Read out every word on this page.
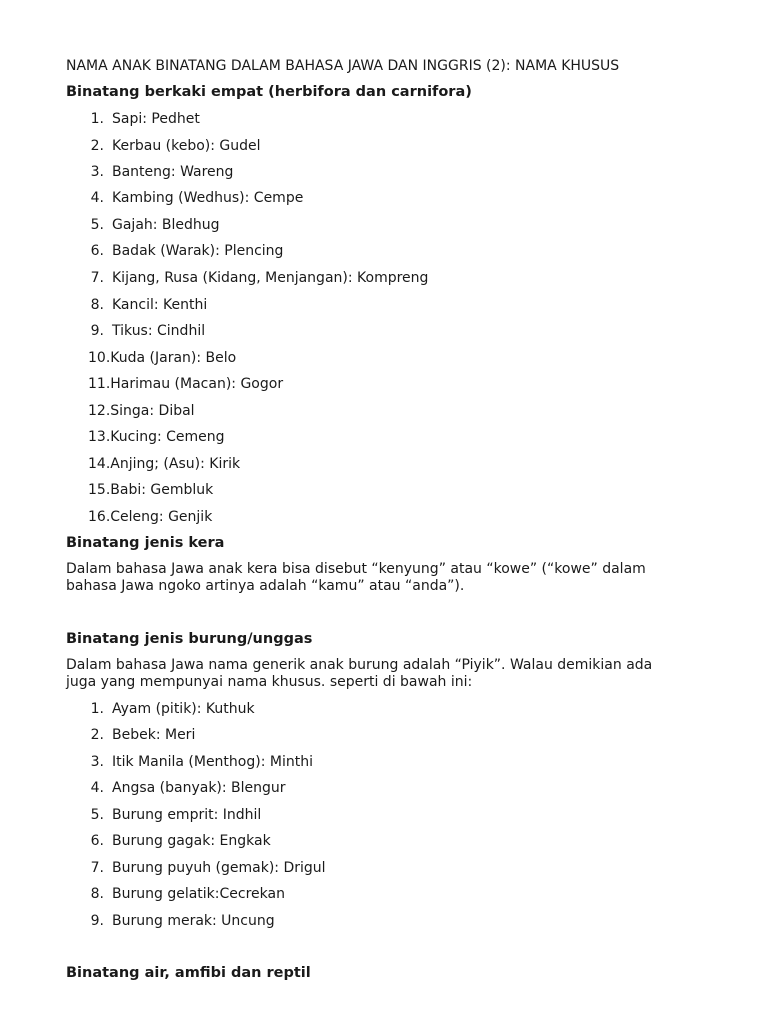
NAMA ANAK BINATANG DALAM BAHASA JAWA DAN INGGRIS (2): NAMA KHUSUS
Binatang berkaki empat (herbifora dan carnifora)
1. Sapi: Pedhet
2. Kerbau (kebo): Gudel
3. Banteng: Wareng
4. Kambing (Wedhus): Cempe
5. Gajah: Bledhug
6. Badak (Warak): Plencing
7. Kijang, Rusa (Kidang, Menjangan): Kompreng
8. Kancil: Kenthi
9. Tikus: Cindhil
10.Kuda (Jaran): Belo
11.Harimau (Macan): Gogor
12.Singa: Dibal
13.Kucing: Cemeng
14.Anjing; (Asu): Kirik
15.Babi: Gembluk
16.Celeng: Genjik
Binatang jenis kera
Dalam bahasa Jawa anak kera bisa disebut “kenyung” atau “kowe” (“kowe” dalam
bahasa Jawa ngoko artinya adalah “kamu” atau “anda”).
Binatang jenis burung/unggas
Dalam bahasa Jawa nama generik anak burung adalah “Piyik”. Walau demikian ada
juga yang mempunyai nama khusus. seperti di bawah ini:
1. Ayam (pitik): Kuthuk
2. Bebek: Meri
3. Itik Manila (Menthog): Minthi
4. Angsa (banyak): Blengur
5. Burung emprit: Indhil
6. Burung gagak: Engkak
7. Burung puyuh (gemak): Drigul
8. Burung gelatik:Cecrekan
9. Burung merak: Uncung
Binatang air, amfibi dan reptil
